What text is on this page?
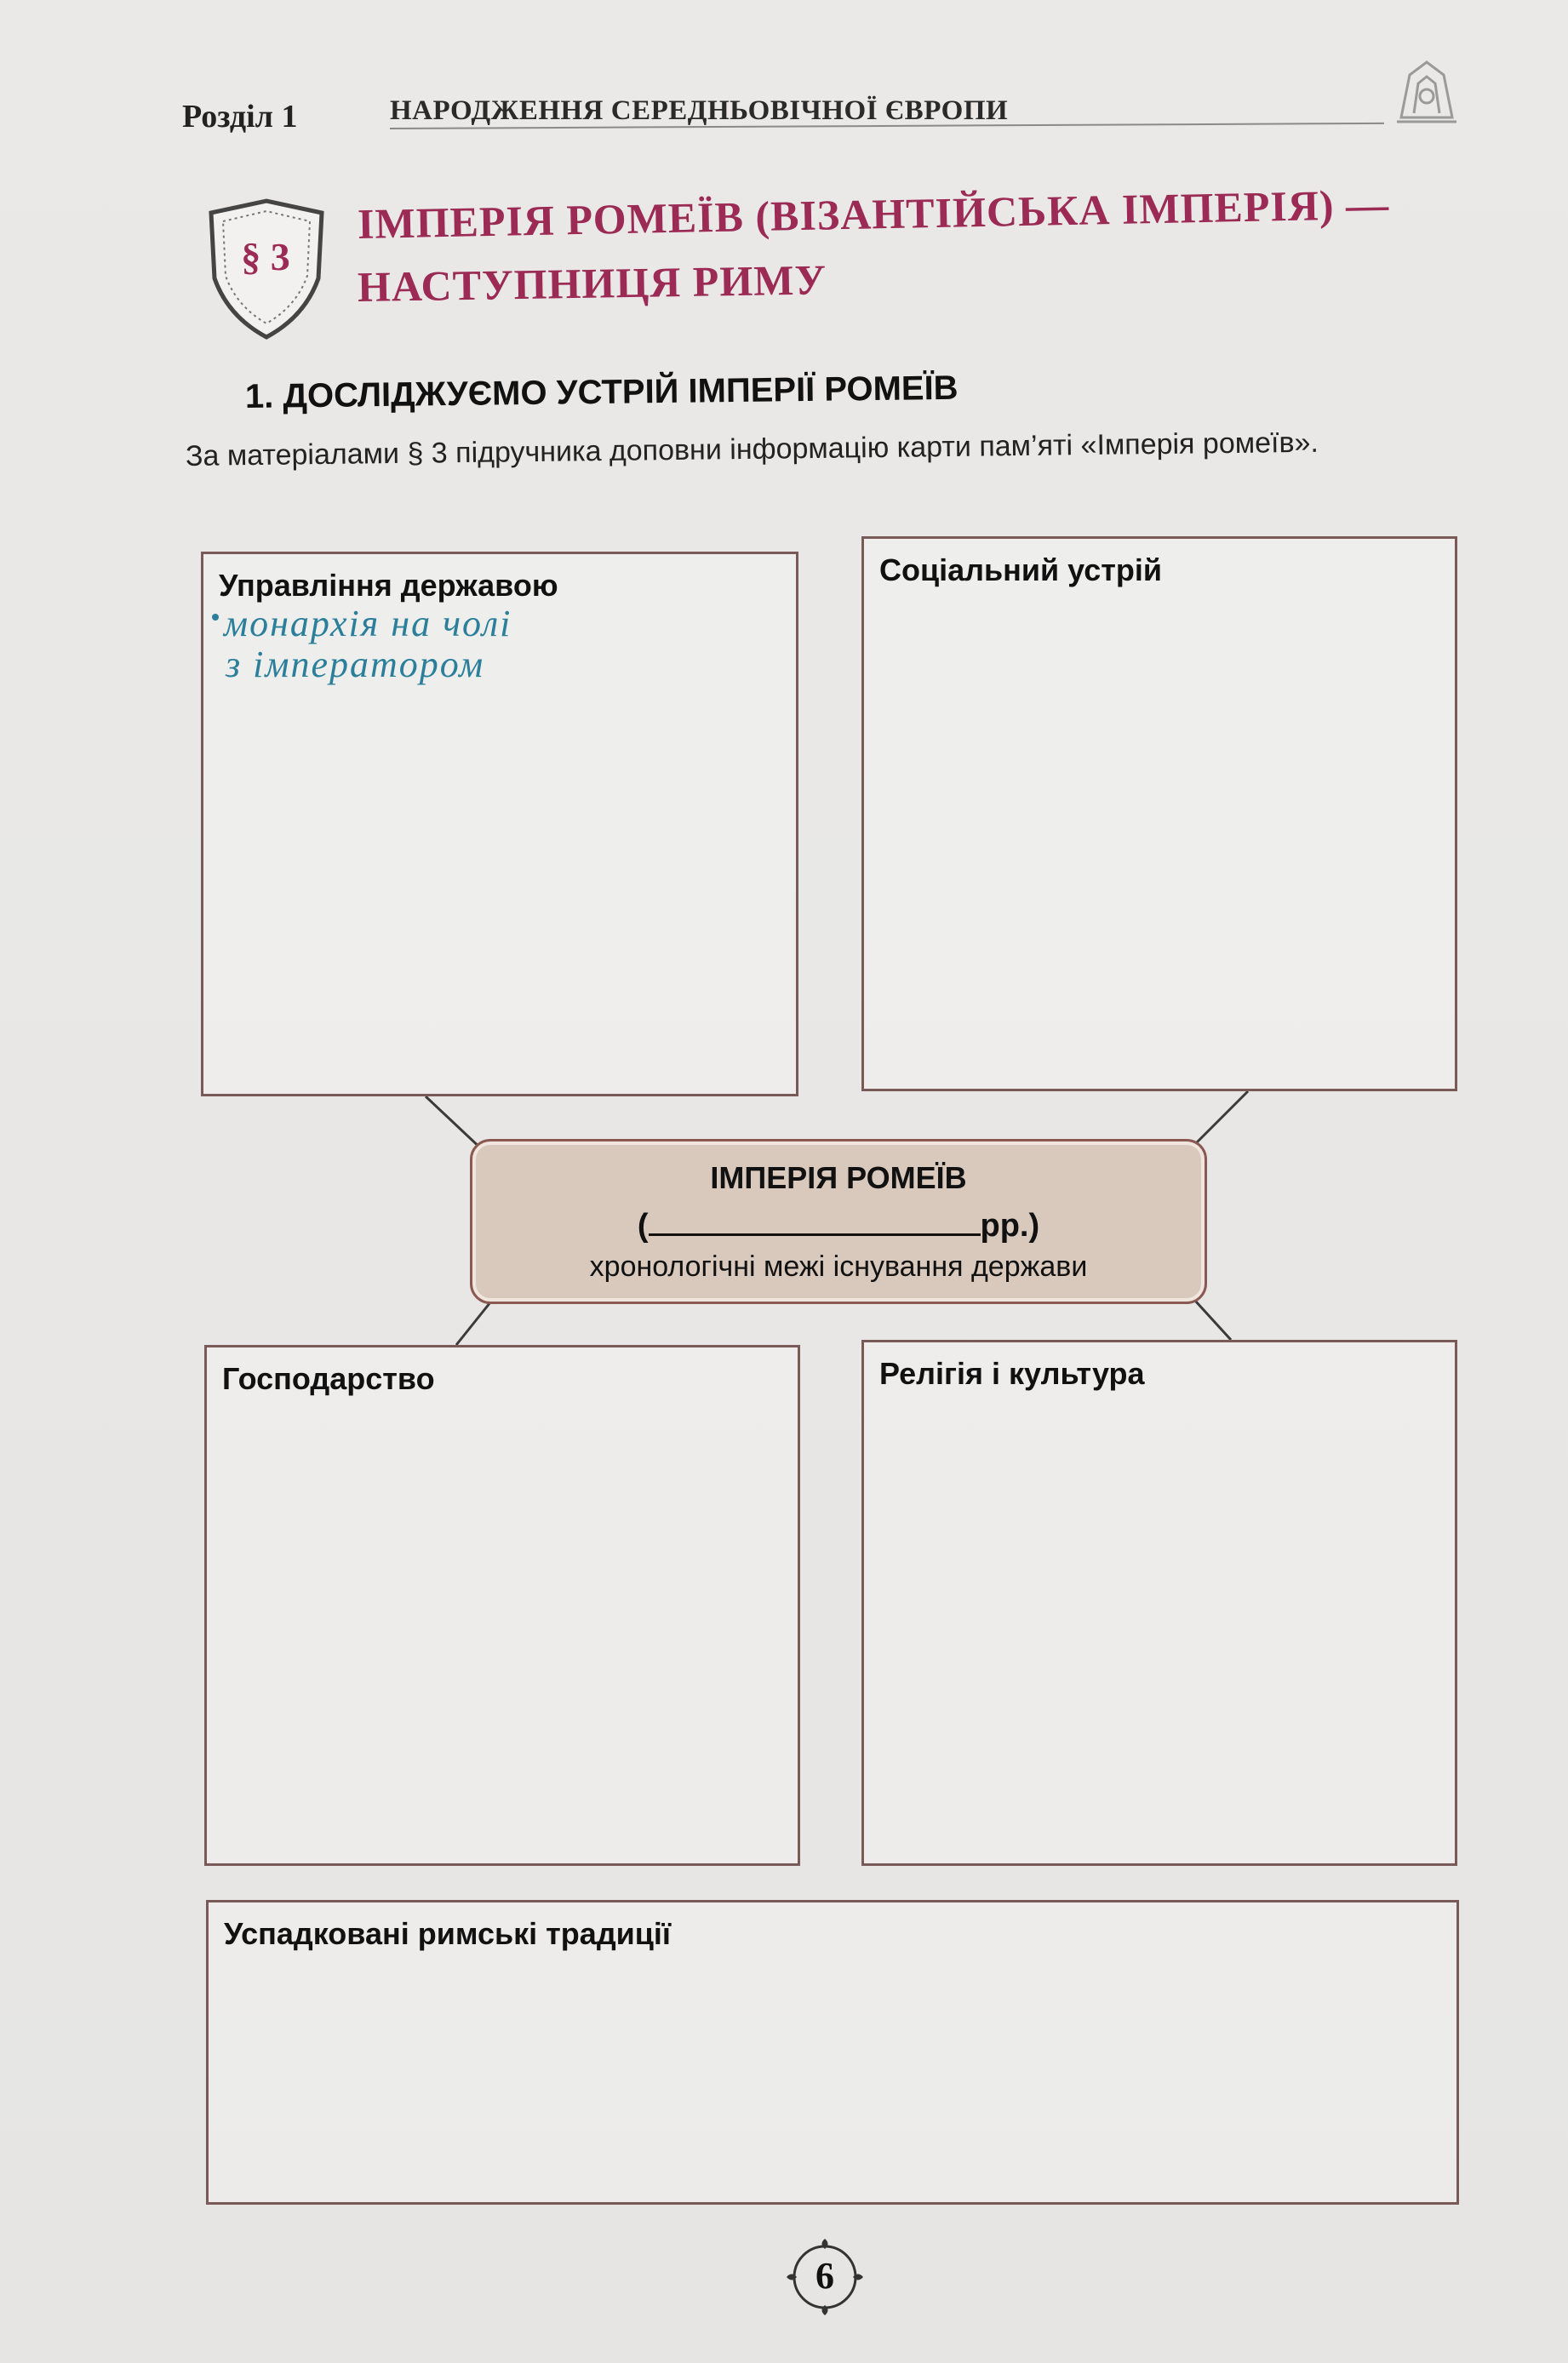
Розділ 1	НАРОДЖЕННЯ СЕРЕДНЬОВІЧНОЇ ЄВРОПИ
§ 3
ІМПЕРІЯ РОМЕЇВ (ВІЗАНТІЙСЬКА ІМПЕРІЯ) —
НАСТУПНИЦЯ РИМУ
1. ДОСЛІДЖУЄМО УСТРІЙ ІМПЕРІЇ РОМЕЇВ
За матеріалами § 3 підручника доповни інформацію карти пам’яті «Імперія ромеїв».
Управління державою
монархія на чолі
з імператором
Соціальний устрій
ІМПЕРІЯ РОМЕЇВ
(	рр.)
хронологічні межі існування держави
Господарство	Релігія і культура
Успадковані римські традиції
6
